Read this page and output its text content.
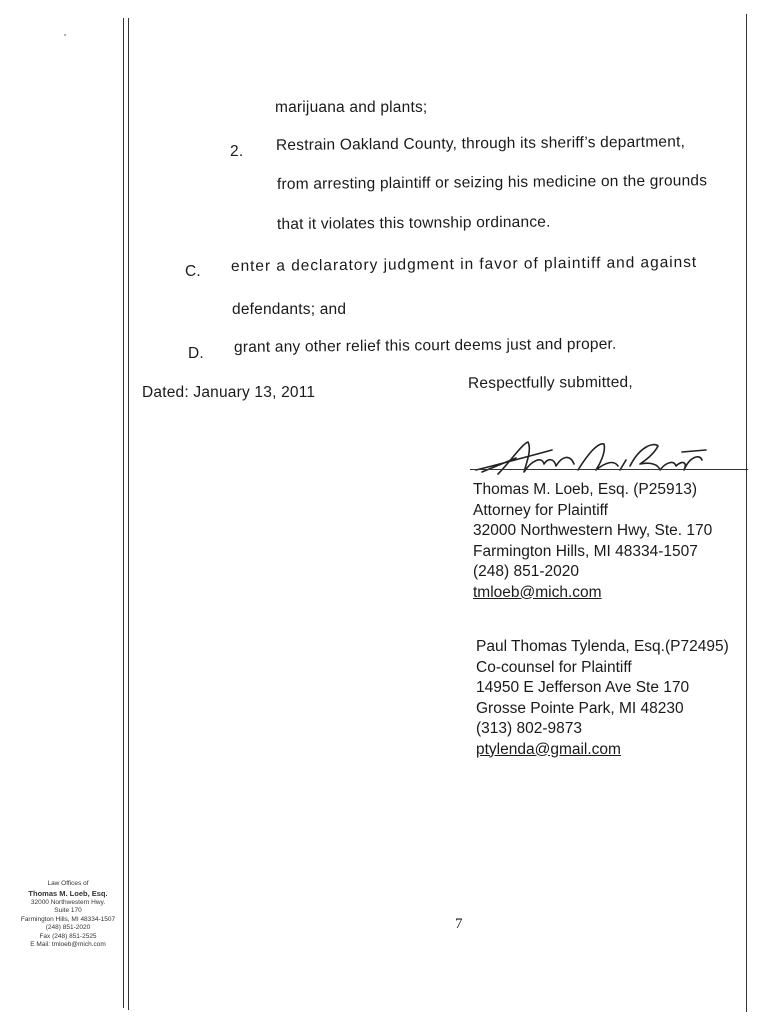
marijuana and plants;
2. Restrain Oakland County, through its sheriff’s department,
from arresting plaintiff or seizing his medicine on the grounds
that it violates this township ordinance.
C. enter a declaratory judgment in favor of plaintiff and against
defendants; and
D. grant any other relief this court deems just and proper.
Dated: January 13, 2011
Respectfully submitted,
Thomas M. Loeb, Esq. (P25913)
Attorney for Plaintiff
32000 Northwestern Hwy, Ste. 170
Farmington Hills, MI 48334-1507
(248) 851-2020
tmloeb@mich.com
Paul Thomas Tylenda, Esq.(P72495)
Co-counsel for Plaintiff
14950 E Jefferson Ave Ste 170
Grosse Pointe Park, MI 48230
(313) 802-9873
ptylenda@gmail.com
Law Offices of
Thomas M. Loeb, Esq.
32000 Northwestern Hwy.
Suite 170
Farmington Hills, MI 48334-1507
(248) 851-2020
Fax (248) 851-2525
E Mail: tmloeb@mich.com
7
